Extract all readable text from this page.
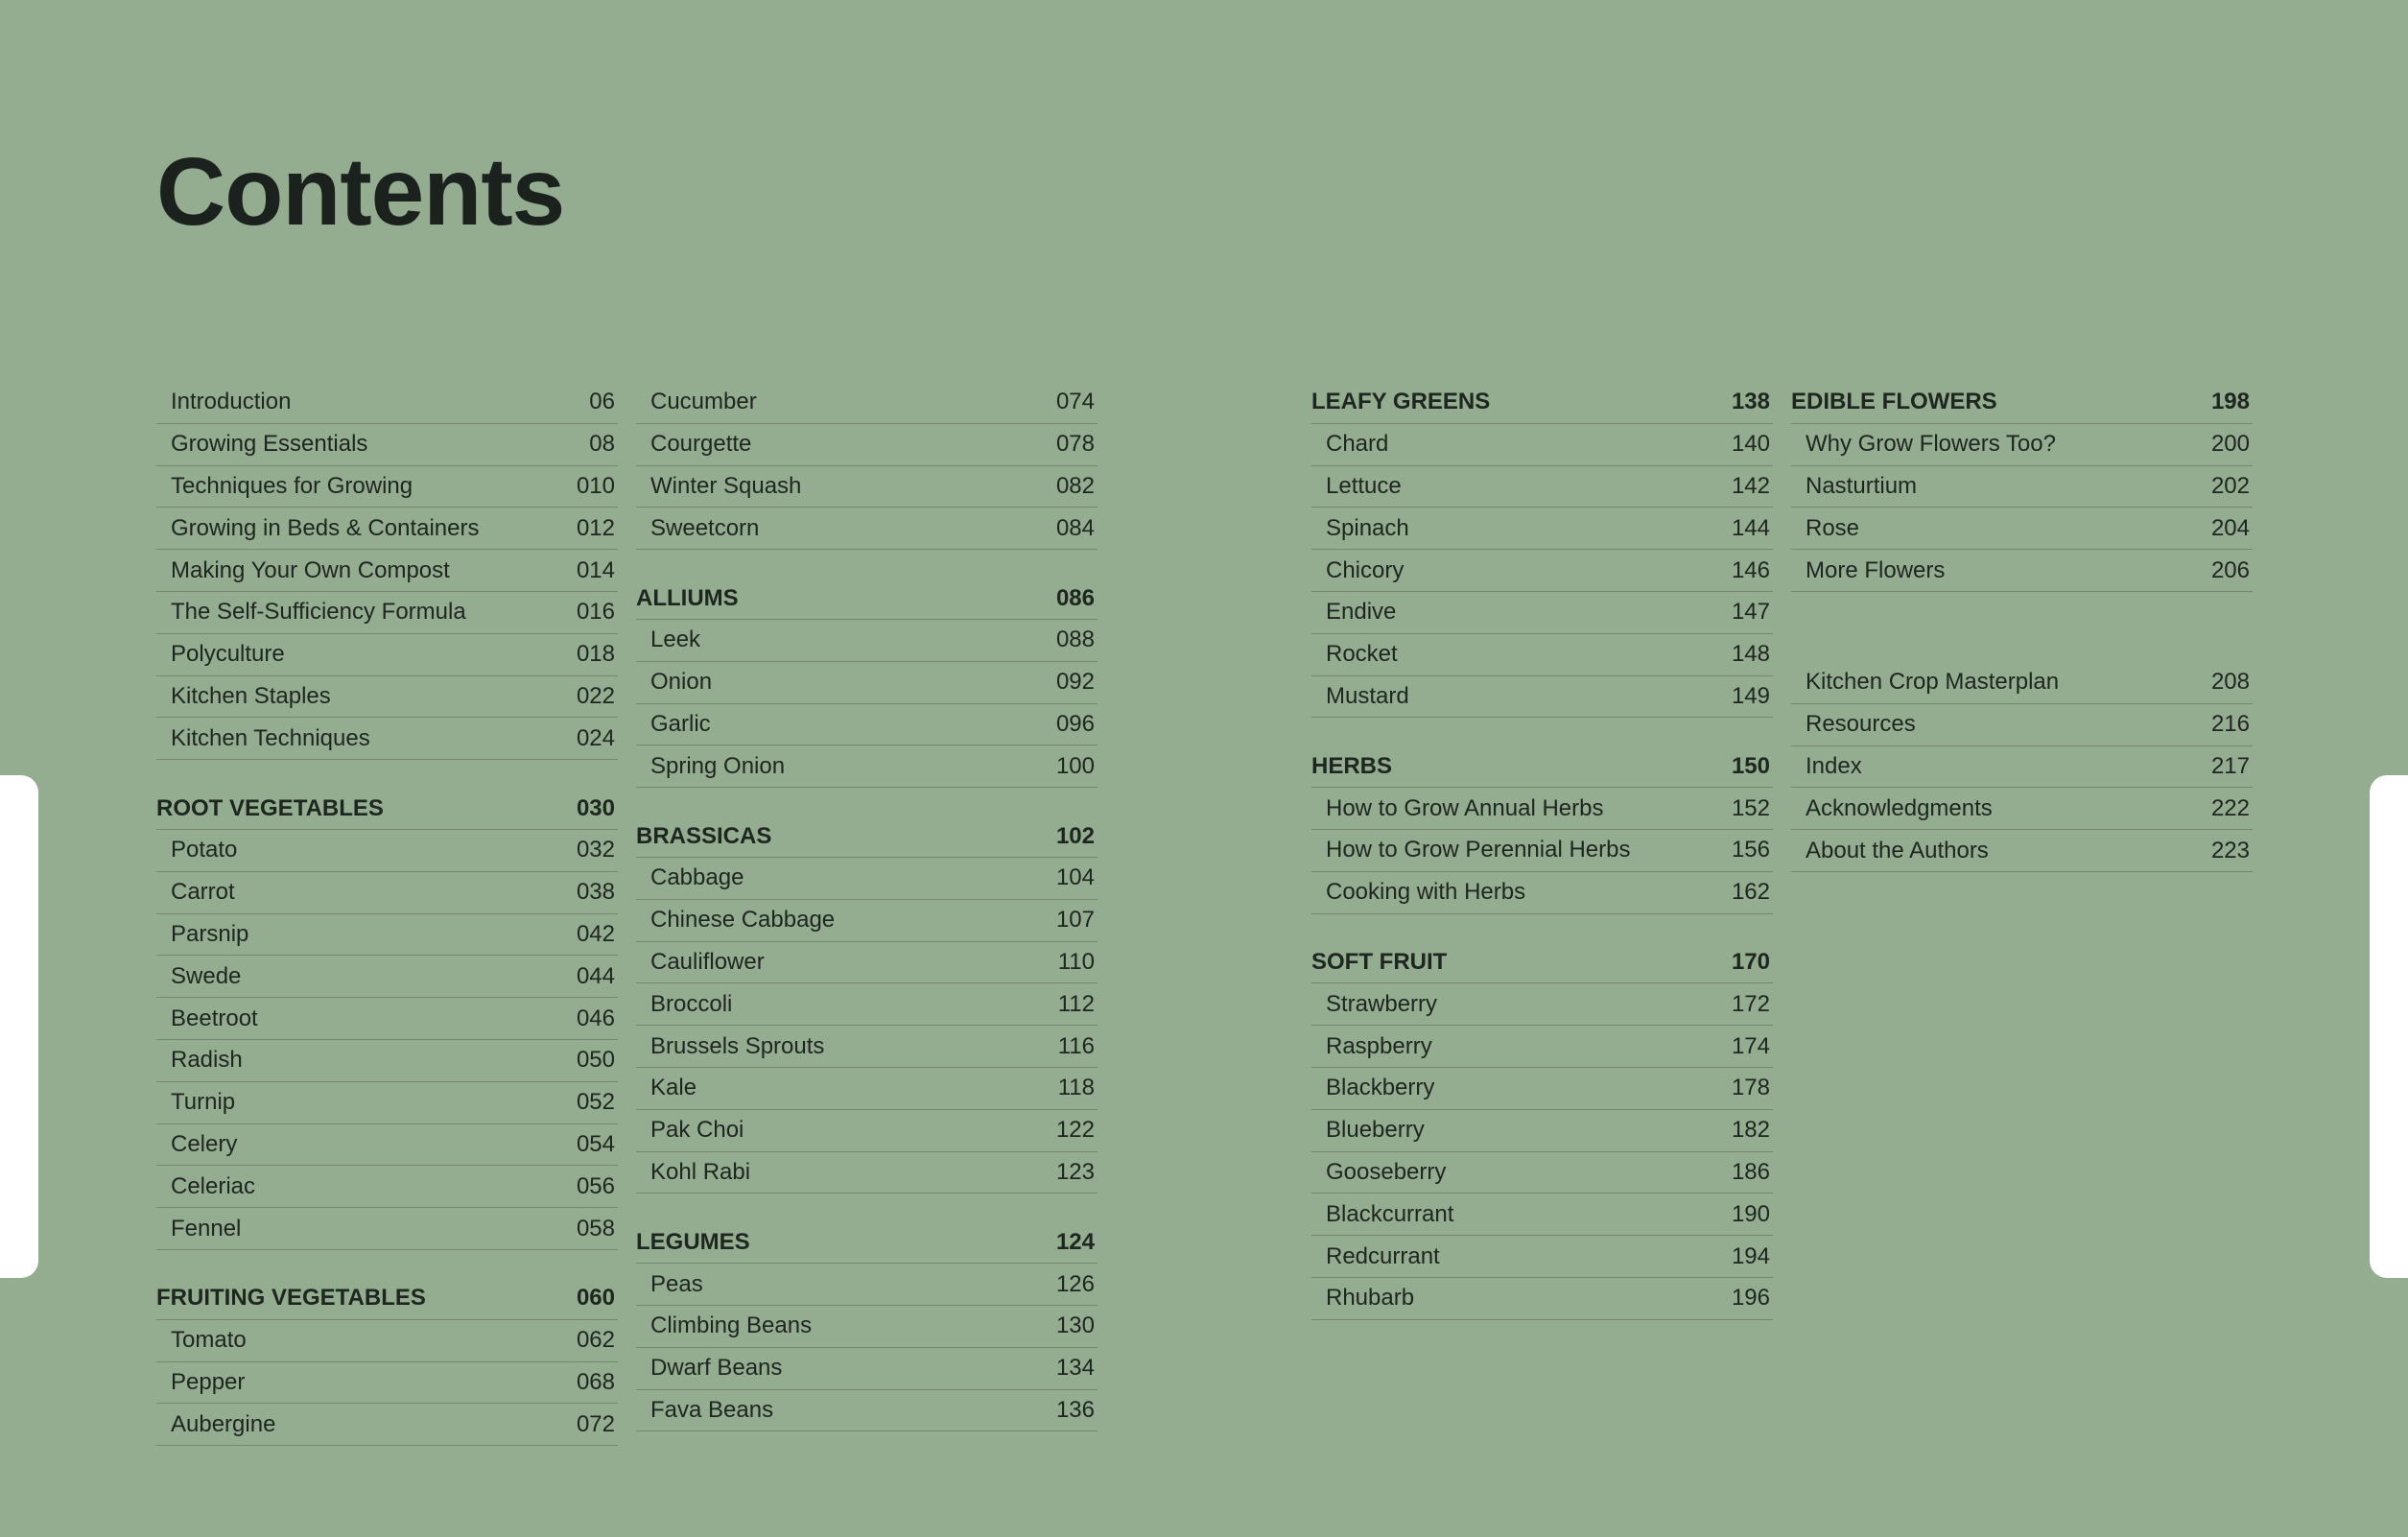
Contents
Introduction	06
Growing Essentials	08
Techniques for Growing	010
Growing in Beds & Containers	012
Making Your Own Compost	014
The Self-Sufficiency Formula	016
Polyculture	018
Kitchen Staples	022
Kitchen Techniques	024
ROOT VEGETABLES	030
Potato	032
Carrot	038
Parsnip	042
Swede	044
Beetroot	046
Radish	050
Turnip	052
Celery	054
Celeriac	056
Fennel	058
FRUITING VEGETABLES	060
Tomato	062
Pepper	068
Aubergine	072
Cucumber	074
Courgette	078
Winter Squash	082
Sweetcorn	084
ALLIUMS	086
Leek	088
Onion	092
Garlic	096
Spring Onion	100
BRASSICAS	102
Cabbage	104
Chinese Cabbage	107
Cauliflower	110
Broccoli	112
Brussels Sprouts	116
Kale	118
Pak Choi	122
Kohl Rabi	123
LEGUMES	124
Peas	126
Climbing Beans	130
Dwarf Beans	134
Fava Beans	136
LEAFY GREENS	138
Chard	140
Lettuce	142
Spinach	144
Chicory	146
Endive	147
Rocket	148
Mustard	149
HERBS	150
How to Grow Annual Herbs	152
How to Grow Perennial Herbs	156
Cooking with Herbs	162
SOFT FRUIT	170
Strawberry	172
Raspberry	174
Blackberry	178
Blueberry	182
Gooseberry	186
Blackcurrant	190
Redcurrant	194
Rhubarb	196
EDIBLE FLOWERS	198
Why Grow Flowers Too?	200
Nasturtium	202
Rose	204
More Flowers	206
Kitchen Crop Masterplan	208
Resources	216
Index	217
Acknowledgments	222
About the Authors	223
